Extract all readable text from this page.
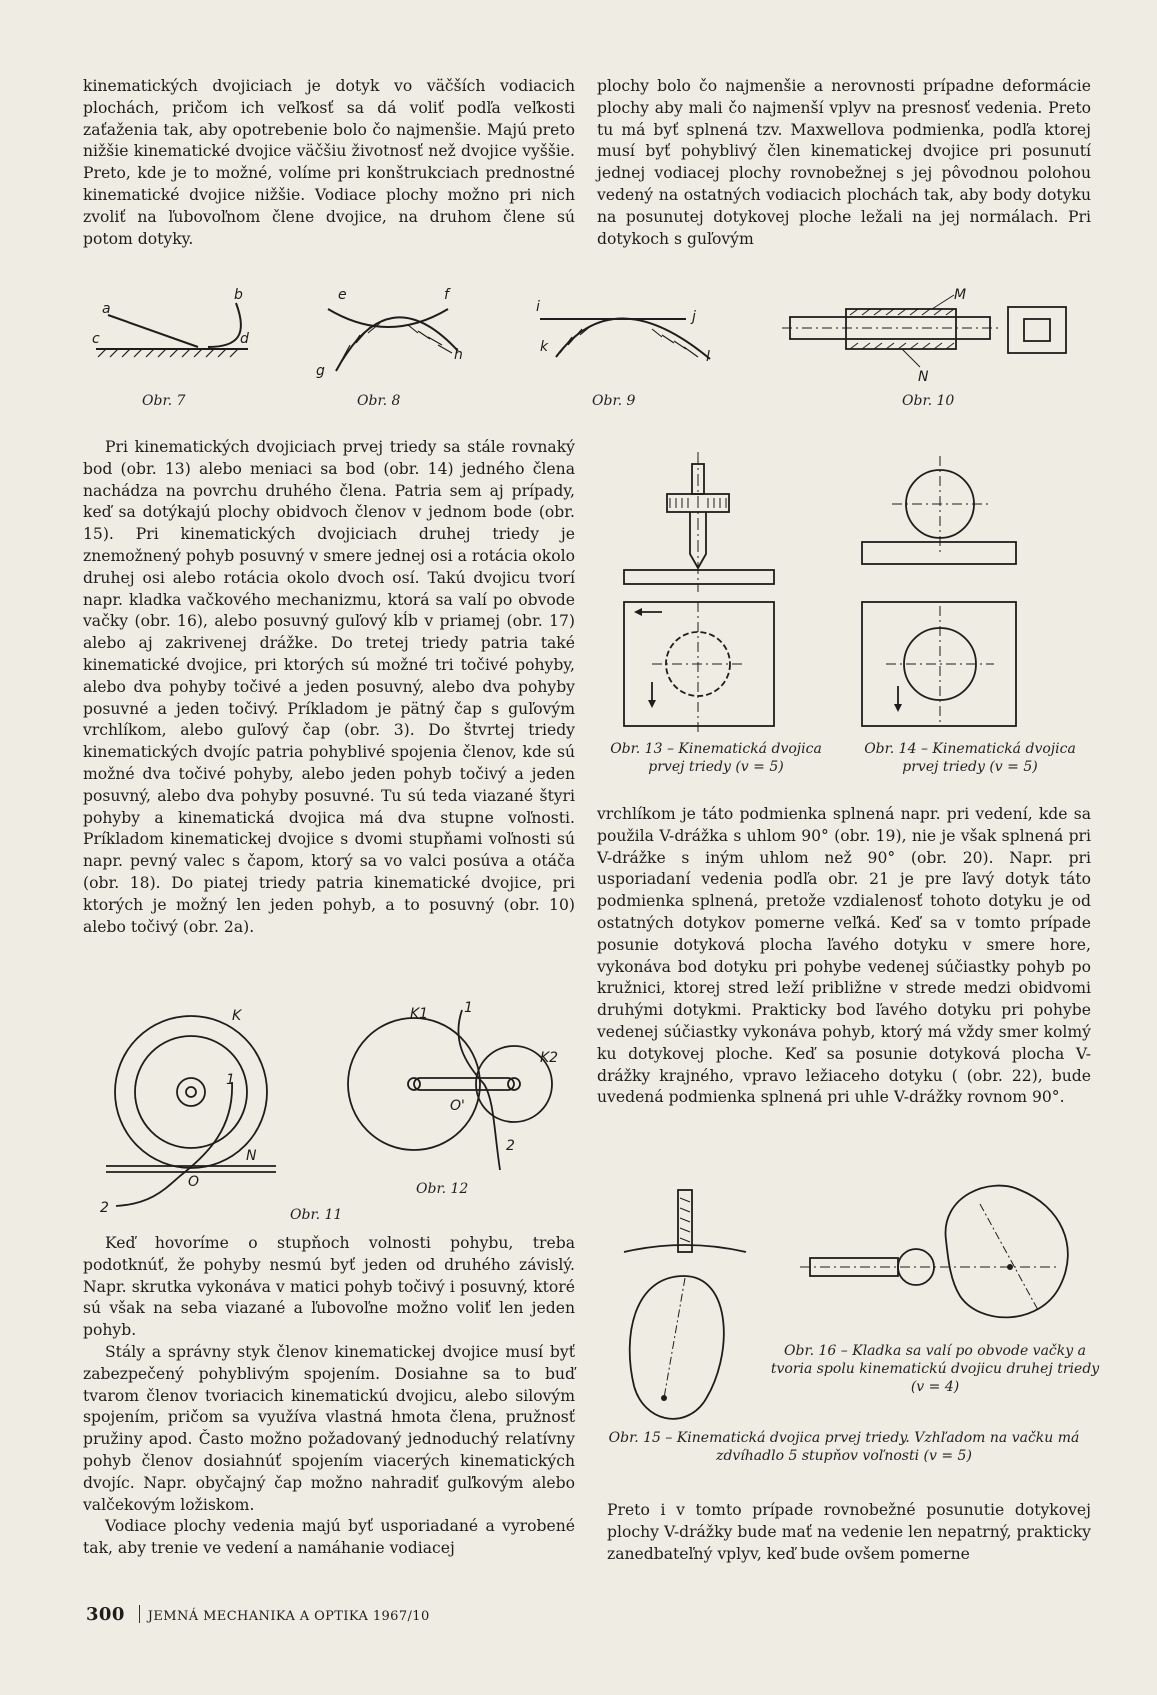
kinematických dvojiciach je dotyk vo väčších vodiacich plochách, pričom ich veľkosť sa dá voliť podľa veľkosti zaťaženia tak, aby opotrebenie bolo čo najmenšie. Majú preto nižšie kinematické dvojice väčšiu životnosť než dvojice vyššie. Preto, kde je to možné, volíme pri konštrukciach prednostné kinematické dvojice nižšie. Vodiace plochy možno pri nich zvoliť na ľubovoľnom člene dvojice, na druhom člene sú potom dotyky.

plochy bolo čo najmenšie a nerovnosti prípadne deformácie plochy aby mali čo najmenší vplyv na presnosť vedenia. Preto tu má byť splnená tzv. Maxwellova podmienka, podľa ktorej musí byť pohyblivý člen kinematickej dvojice pri posunutí jednej vodiacej plochy rovnobežnej s jej pôvodnou polohou vedený na ostatných vodiacich plochách tak, aby body dotyku na posunutej dotykovej ploche ležali na jej normálach. Pri dotykoch s guľovým

a
b
c	d
Obr. 7
e	f
g
h
Obr. 8
i
j
k
l
Obr. 9
M
N
Obr. 10

Pri kinematických dvojiciach prvej triedy sa stále rovnaký bod (obr. 13) alebo meniaci sa bod (obr. 14) jedného člena nachádza na povrchu druhého člena. Patria sem aj prípady, keď sa dotýkajú plochy obidvoch členov v jednom bode (obr. 15). Pri kinematických dvojiciach druhej triedy je znemožnený pohyb posuvný v smere jednej osi a rotácia okolo druhej osi alebo rotácia okolo dvoch osí. Takú dvojicu tvorí napr. kladka vačkového mechanizmu, ktorá sa valí po obvode vačky (obr. 16), alebo posuvný guľový kĺb v priamej (obr. 17) alebo aj zakrivenej drážke. Do tretej triedy patria také kinematické dvojice, pri ktorých sú možné tri točivé pohyby, alebo dva pohyby točivé a jeden posuvný, alebo dva pohyby posuvné a jeden točivý. Príkladom je pätný čap s guľovým vrchlíkom, alebo guľový čap (obr. 3). Do štvrtej triedy kinematických dvojíc patria pohyblivé spojenia členov, kde sú možné dva točivé pohyby, alebo jeden pohyb točivý a jeden posuvný, alebo dva pohyby posuvné. Tu sú teda viazané štyri pohyby a kinematická dvojica má dva stupne voľnosti. Príkladom kinematickej dvojice s dvomi stupňami voľnosti sú napr. pevný valec s čapom, ktorý sa vo valci posúva a otáča (obr. 18). Do piatej triedy patria kinematické dvojice, pri ktorých je možný len jeden pohyb, a to posuvný (obr. 10) alebo točivý (obr. 2a).

Obr. 13 – Kinematická dvojica prvej triedy (v = 5)
Obr. 14 – Kinematická dvojica prvej triedy (v = 5)

vrchlíkom je táto podmienka splnená napr. pri vedení, kde sa použila V-drážka s uhlom 90° (obr. 19), nie je však splnená pri V-drážke s iným uhlom než 90° (obr. 20). Napr. pri usporiadaní vedenia podľa obr. 21 je pre ľavý dotyk táto podmienka splnená, pretože vzdialenosť tohoto dotyku je od ostatných dotykov pomerne veľká. Keď sa v tomto prípade posunie dotyková plocha ľavého dotyku v smere hore, vykonáva bod dotyku pri pohybe vedenej súčiastky pohyb po kružnici, ktorej stred leží približne v strede medzi obidvomi druhými dotykmi. Prakticky bod ľavého dotyku pri pohybe vedenej súčiastky vykonáva pohyb, ktorý má vždy smer kolmý ku dotykovej ploche. Keď sa posunie dotyková plocha V-drážky krajného, vpravo ležiaceho dotyku ( (obr. 22), bude uvedená podmienka splnená pri uhle V-drážky rovnom 90°.

K
1
N
O
2	Obr. 11
K1	1
K2
O'
2
Obr. 12

Keď hovoríme o stupňoch volnosti pohybu, treba podotknúť, že pohyby nesmú byť jeden od druhého závislý. Napr. skrutka vykonáva v matici pohyb točivý i posuvný, ktoré sú však na seba viazané a ľubovoľne možno voliť len jeden pohyb.

Stály a správny styk členov kinematickej dvojice musí byť zabezpečený pohyblivým spojením. Dosiahne sa to buď tvarom členov tvoriacich kinematickú dvojicu, alebo silovým spojením, pričom sa využíva vlastná hmota člena, pružnosť pružiny apod. Často možno požadovaný jednoduchý relatívny pohyb členov dosiahnúť spojením viacerých kinematických dvojíc. Napr. obyčajný čap možno nahradiť guľkovým alebo valčekovým ložiskom.

Vodiace plochy vedenia majú byť usporiadané a vyrobené tak, aby trenie ve vedení a namáhanie vodiacej

Obr. 16 – Kladka sa valí po obvode vačky a tvoria spolu kinematickú dvojicu druhej triedy (v = 4)
Obr. 15 – Kinematická dvojica prvej triedy. Vzhľadom na vačku má zdvíhadlo 5 stupňov voľnosti (v = 5)

Preto i v tomto prípade rovnobežné posunutie dotykovej plochy V-drážky bude mať na vedenie len nepatrný, prakticky zanedbateľný vplyv, keď bude ovšem pomerne

300 JEMNÁ MECHANIKA A OPTIKA 1967/10
